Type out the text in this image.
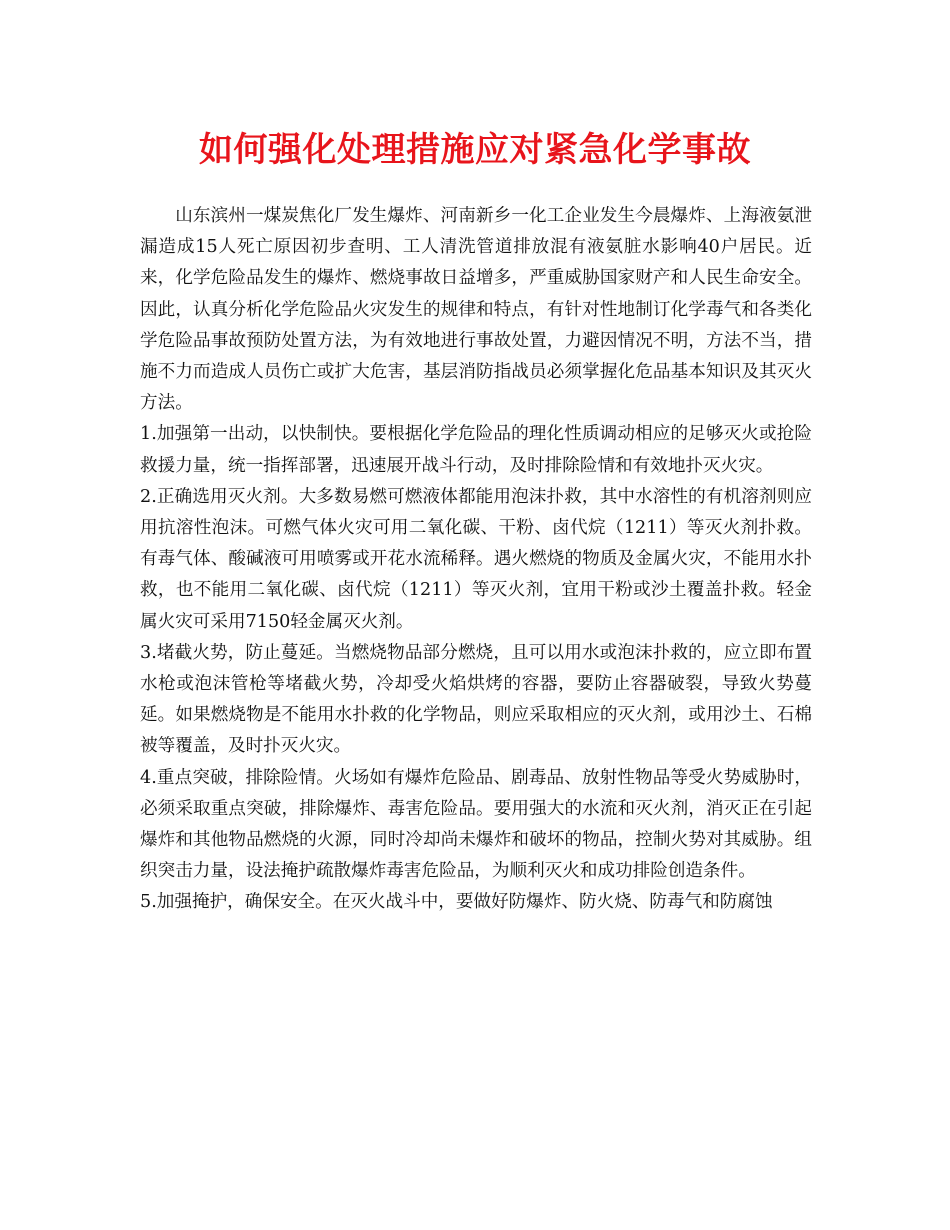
如何强化处理措施应对紧急化学事故

山东滨州一煤炭焦化厂发生爆炸、河南新乡一化工企业发生今晨爆炸、上海液氨泄漏造成15人死亡原因初步查明、工人清洗管道排放混有液氨脏水影响40户居民。近来，化学危险品发生的爆炸、燃烧事故日益增多，严重威胁国家财产和人民生命安全。因此，认真分析化学危险品火灾发生的规律和特点，有针对性地制订化学毒气和各类化学危险品事故预防处置方法，为有效地进行事故处置，力避因情况不明，方法不当，措施不力而造成人员伤亡或扩大危害，基层消防指战员必须掌握化危品基本知识及其灭火方法。

1.加强第一出动，以快制快。要根据化学危险品的理化性质调动相应的足够灭火或抢险救援力量，统一指挥部署，迅速展开战斗行动，及时排除险情和有效地扑灭火灾。

2.正确选用灭火剂。大多数易燃可燃液体都能用泡沫扑救，其中水溶性的有机溶剂则应用抗溶性泡沫。可燃气体火灾可用二氧化碳、干粉、卤代烷（1211）等灭火剂扑救。有毒气体、酸碱液可用喷雾或开花水流稀释。遇火燃烧的物质及金属火灾，不能用水扑救，也不能用二氧化碳、卤代烷（1211）等灭火剂，宜用干粉或沙土覆盖扑救。轻金属火灾可采用7150轻金属灭火剂。

3.堵截火势，防止蔓延。当燃烧物品部分燃烧，且可以用水或泡沫扑救的，应立即布置水枪或泡沫管枪等堵截火势，冷却受火焰烘烤的容器，要防止容器破裂，导致火势蔓延。如果燃烧物是不能用水扑救的化学物品，则应采取相应的灭火剂，或用沙土、石棉被等覆盖，及时扑灭火灾。

4.重点突破，排除险情。火场如有爆炸危险品、剧毒品、放射性物品等受火势威胁时，必须采取重点突破，排除爆炸、毒害危险品。要用强大的水流和灭火剂，消灭正在引起爆炸和其他物品燃烧的火源，同时冷却尚未爆炸和破坏的物品，控制火势对其威胁。组织突击力量，设法掩护疏散爆炸毒害危险品，为顺利灭火和成功排险创造条件。

5.加强掩护，确保安全。在灭火战斗中，要做好防爆炸、防火烧、防毒气和防腐蚀
